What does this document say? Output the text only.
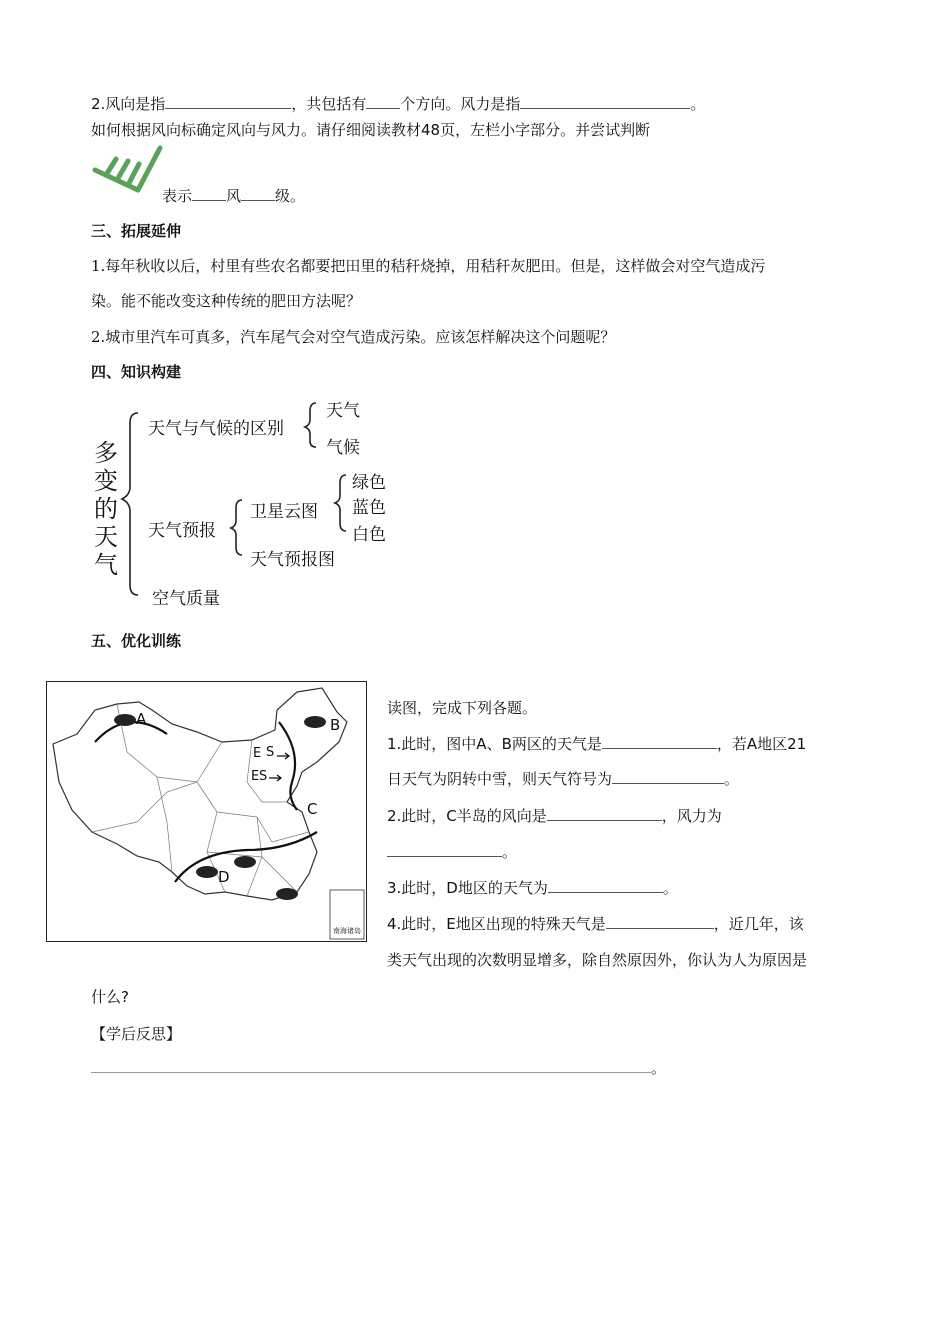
2.风向是指	，共包括有 个方向。风力是指	。
如何根据风向标确定风向与风力。请仔细阅读教材48页，左栏小字部分。并尝试判断
表示 风 级。
三、拓展延伸
1.每年秋收以后，村里有些农名都要把田里的秸秆烧掉，用秸秆灰肥田。但是，这样做会对空气造成污
染。能不能改变这种传统的肥田方法呢？
2.城市里汽车可真多，汽车尾气会对空气造成污染。应该怎样解决这个问题呢？
四、知识构建
多变的天气
天气与气候的区别
天气
气候
天气预报
卫星云图
绿色
蓝色
白色
天气预报图
空气质量
五、优化训练
A	B
C
D
E S
E S
南海诸岛
读图，完成下列各题。
1.此时，图中A、B两区的天气是	，若A地区21
日天气为阴转中雪，则天气符号为	。
2.此时，C半岛的风向是	，风力为
。
3.此时，D地区的天气为	。
4.此时，E地区出现的特殊天气是	，近几年，该
类天气出现的次数明显增多，除自然原因外，你认为人为原因是
什么?
【学后反思】
。
